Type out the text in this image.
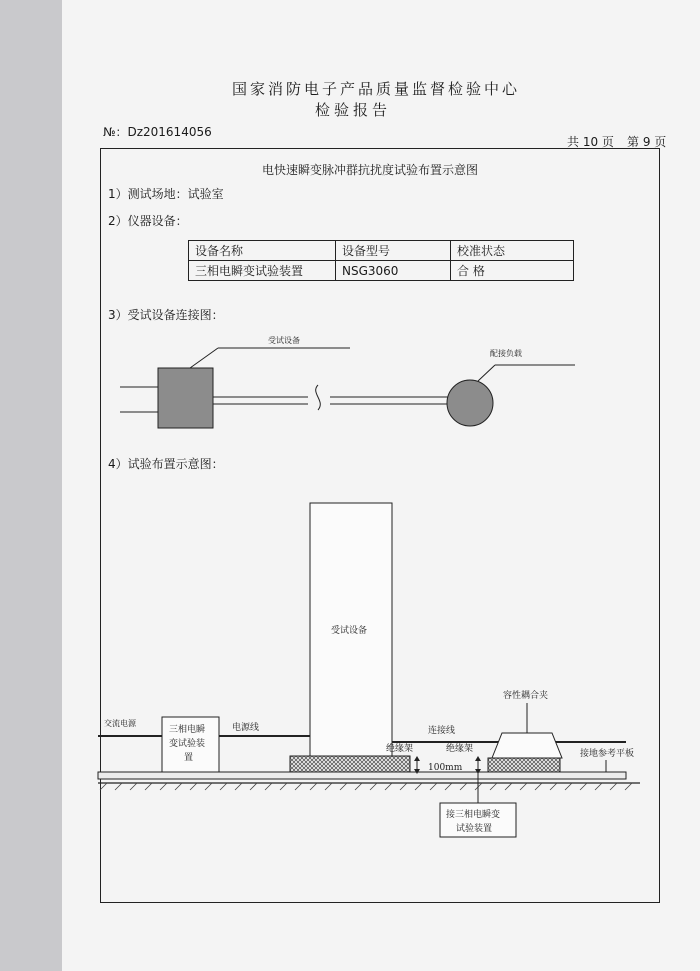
国家消防电子产品质量监督检验中心
检验报告
№：Dz201614056
共 10 页 第 9 页
电快速瞬变脉冲群抗扰度试验布置示意图
1）测试场地：试验室
2）仪器设备：
设备名称	设备型号	校准状态
三相电瞬变试验装置	NSG3060	合 格
3）受试设备连接图：
4）试验布置示意图：
受试设备
配接负载
受试设备
三相电瞬
变试验装
置
交流电源	电源线	连接线
绝缘架	绝缘架
容性耦合夹
100mm
接地参考平板
接三相电瞬变
试验装置
